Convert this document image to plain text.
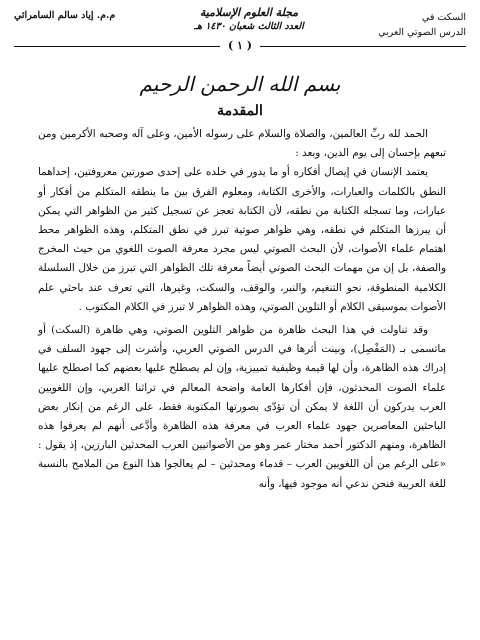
السكت في
الدرس الصوتي العربي
مجلة العلوم الإسلامية
العدد الثالث شعبان ١٤٣٠ هـ
م.م. إياد سالم السامرائي
( ١ )
بسم الله الرحمن الرحيم
المقدمة

الحمد لله ربِّ العالمين، والصلاة والسلام على رسوله الأمين، وعلى آله وصحبه الأكرمين ومن تبعهم بإحسان إلى يوم الدين، وبعد :

يعتمد الإنسان في إيصال أفكاره أو ما يدور في خلده على إحدى صورتين معروفتين، إحداهما النطق بالكلمات والعبارات، والأخرى الكتابة، ومعلوم الفرق بين ما ينطقه المتكلم من أفكار أو عبارات، وما تسجله الكتابة من نطقه، لأن الكتابة تعجز عن تسجيل كثير من الظواهر التي يمكن أن يبرزها المتكلم في نطقه، وهي ظواهر صوتية تبرز في نطق المتكلم، وهذه الظواهر محط اهتمام علماء الأصوات، لأن البحث الصوتي ليس مجرد معرفة الصوت اللغوي من حيث المخرج والصفة، بل إن من مهمات البحث الصوتي أيضاً معرفة تلك الظواهر التي تبرز من خلال السلسلة الكلامية المنطوقة، نحو التنغيم، والنبر، والوقف، والسكت، وغيرها، التي تعرف عند باحثي علم الأصوات بموسيقى الكلام أو التلوين الصوتي، وهذه الظواهر لا تبرز في الكلام المكتوب .

وقد تناولت في هذا البحث ظاهرة من ظواهر التلوين الصوتي، وهي ظاهرة (السكت) أو ماتسمى بـ (المَفْصِل)، وبينت أثرها في الدرس الصوتي العربي، وأشرت إلى جهود السلف في إدراك هذه الظاهرة، وأن لها قيمة وظيفية تمييزية، وإن لم يصطلح عليها بعضهم كما اصطلح عليها علماء الصوت المحدثون، فإن أفكارها العامة واضحة المعالم في تراثنا العربي، وإن اللغويين العرب يدركون أن اللغة لا يمكن أن تؤدّى بصورتها المكتوبة فقط، على الرغم من إنكار بعض الباحثين المعاصرين جهود علماء العرب في معرفة هذه الظاهرة وأدَّعى أنهم لم يعرفوا هذه الظاهرة، ومنهم الدكتور أحمد مختار عمر وهو من الأصواتيين العرب المحدثين البارزين، إذ يقول : «على الرغم من أن اللغويين العرب – قدماء ومحدثين – لم يعالجوا هذا النوع من الملامح بالنسبة للغة العربية فنحن ندعي أنه موجود فيها، وأنه
